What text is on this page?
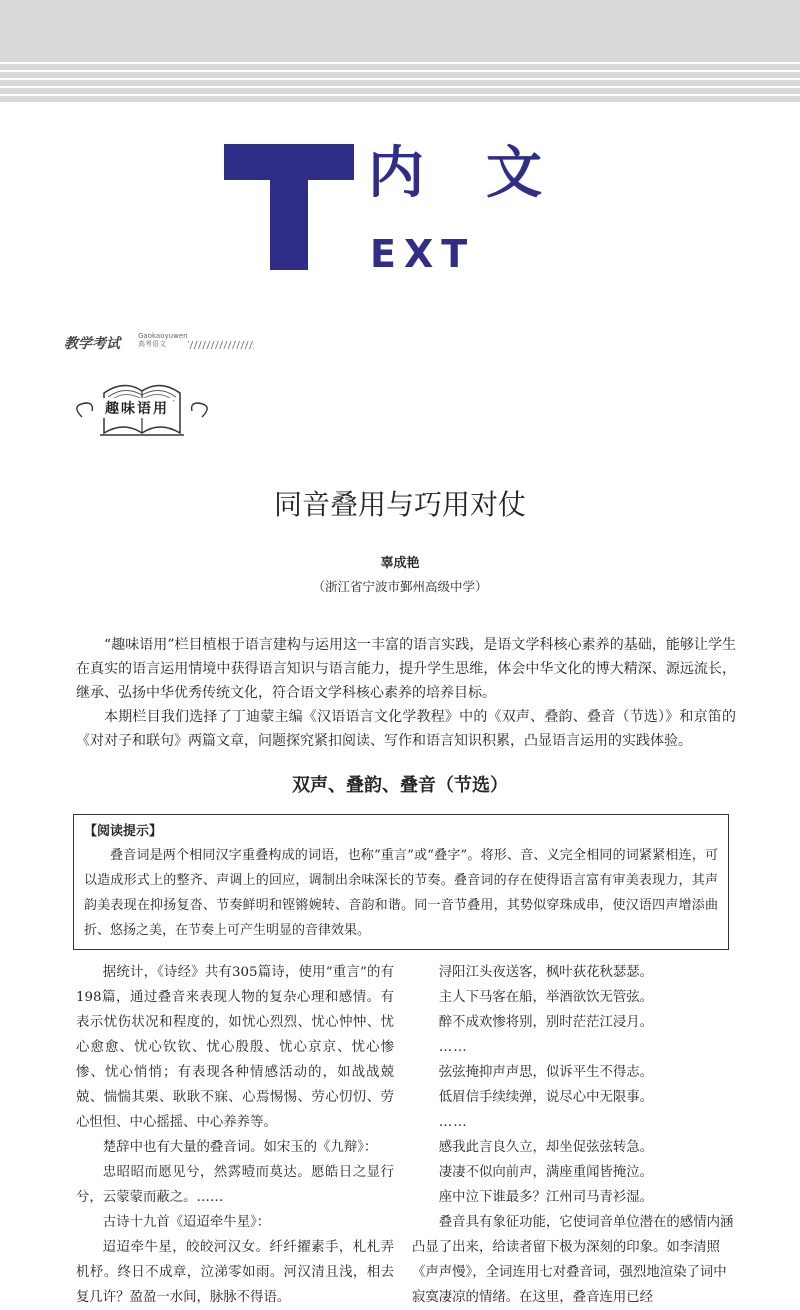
内文
EXT
教学考试	Gaokaoyuwen
高考语文
趣味语用
同音叠用与巧用对仗
辜成艳
（浙江省宁波市鄞州高级中学）

“趣味语用”栏目植根于语言建构与运用这一丰富的语言实践，是语文学科核心素养的基础，能够让学生在真实的语言运用情境中获得语言知识与语言能力，提升学生思维，体会中华文化的博大精深、源远流长，继承、弘扬中华优秀传统文化，符合语文学科核心素养的培养目标。

本期栏目我们选择了丁迪蒙主编《汉语语言文化学教程》中的《双声、叠韵、叠音（节选）》和京笛的《对对子和联句》两篇文章，问题探究紧扣阅读、写作和语言知识积累，凸显语言运用的实践体验。

双声、叠韵、叠音（节选）
【阅读提示】

叠音词是两个相同汉字重叠构成的词语，也称“重言”或“叠字”。将形、音、义完全相同的词紧紧相连，可以造成形式上的整齐、声调上的回应，调制出余味深长的节奏。叠音词的存在使得语言富有审美表现力，其声韵美表现在抑扬复沓、节奏鲜明和铿锵婉转、音韵和谐。同一音节叠用，其势似穿珠成串，使汉语四声增添曲折、悠扬之美，在节奏上可产生明显的音律效果。

据统计，《诗经》共有305篇诗，使用“重言”的有198篇，通过叠音来表现人物的复杂心理和感情。有表示忧伤状况和程度的，如忧心烈烈、忧心忡忡、忧心愈愈、忧心钦钦、忧心殷殷、忧心京京、忧心惨惨、忧心悄悄；有表现各种情感活动的，如战战兢兢、惴惴其栗、耿耿不寐、心焉惕惕、劳心忉忉、劳心怛怛、中心摇摇、中心养养等。

楚辞中也有大量的叠音词。如宋玉的《九辩》：

忠昭昭而愿见兮，然霠曀而莫达。愿皓日之显行兮，云蒙蒙而蔽之。……

古诗十九首《迢迢牵牛星》：

迢迢牵牛星，皎皎河汉女。纤纤擢素手，札札弄机杼。终日不成章，泣涕零如雨。河汉清且浅，相去复几许？盈盈一水间，脉脉不得语。

浔阳江头夜送客，枫叶荻花秋瑟瑟。

主人下马客在船，举酒欲饮无管弦。

醉不成欢惨将别，别时茫茫江浸月。

……

弦弦掩抑声声思，似诉平生不得志。

低眉信手续续弹，说尽心中无限事。

……

感我此言良久立，却坐促弦弦转急。

凄凄不似向前声，满座重闻皆掩泣。

座中泣下谁最多？江州司马青衫湿。

叠音具有象征功能，它使词音单位潜在的感情内涵凸显了出来，给读者留下极为深刻的印象。如李清照《声声慢》，全词连用七对叠音词，强烈地渲染了词中寂寞凄凉的情绪。在这里，叠音连用已经
